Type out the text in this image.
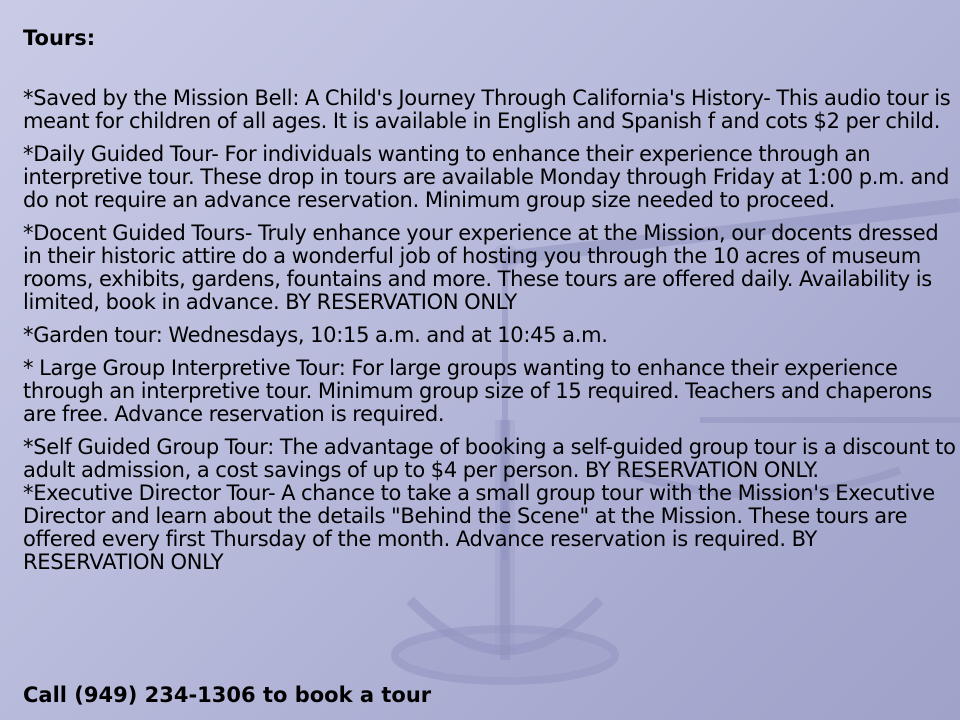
Tours:

*Saved by the Mission Bell: A Child's Journey Through California's History- This audio tour is meant for children of all ages. It is available in English and Spanish f and cots $2 per child.

*Daily Guided Tour- For individuals wanting to enhance their experience through an interpretive tour. These drop in tours are available Monday through Friday at 1:00 p.m. and do not require an advance reservation. Minimum group size needed to proceed.

*Docent Guided Tours- Truly enhance your experience at the Mission, our docents dressed in their historic attire do a wonderful job of hosting you through the 10 acres of museum rooms, exhibits, gardens, fountains and more. These tours are offered daily. Availability is limited, book in advance. BY RESERVATION ONLY

*Garden tour: Wednesdays, 10:15 a.m. and at 10:45 a.m.

* Large Group Interpretive Tour: For large groups wanting to enhance their experience through an interpretive tour. Minimum group size of 15 required. Teachers and chaperons are free. Advance reservation is required.

*Self Guided Group Tour: The advantage of booking a self-guided group tour is a discount to adult admission, a cost savings of up to $4 per person. BY RESERVATION ONLY.

*Executive Director Tour- A chance to take a small group tour with the Mission's Executive Director and learn about the details "Behind the Scene" at the Mission. These tours are offered every first Thursday of the month. Advance reservation is required. BY RESERVATION ONLY

Call (949) 234-1306 to book a tour
